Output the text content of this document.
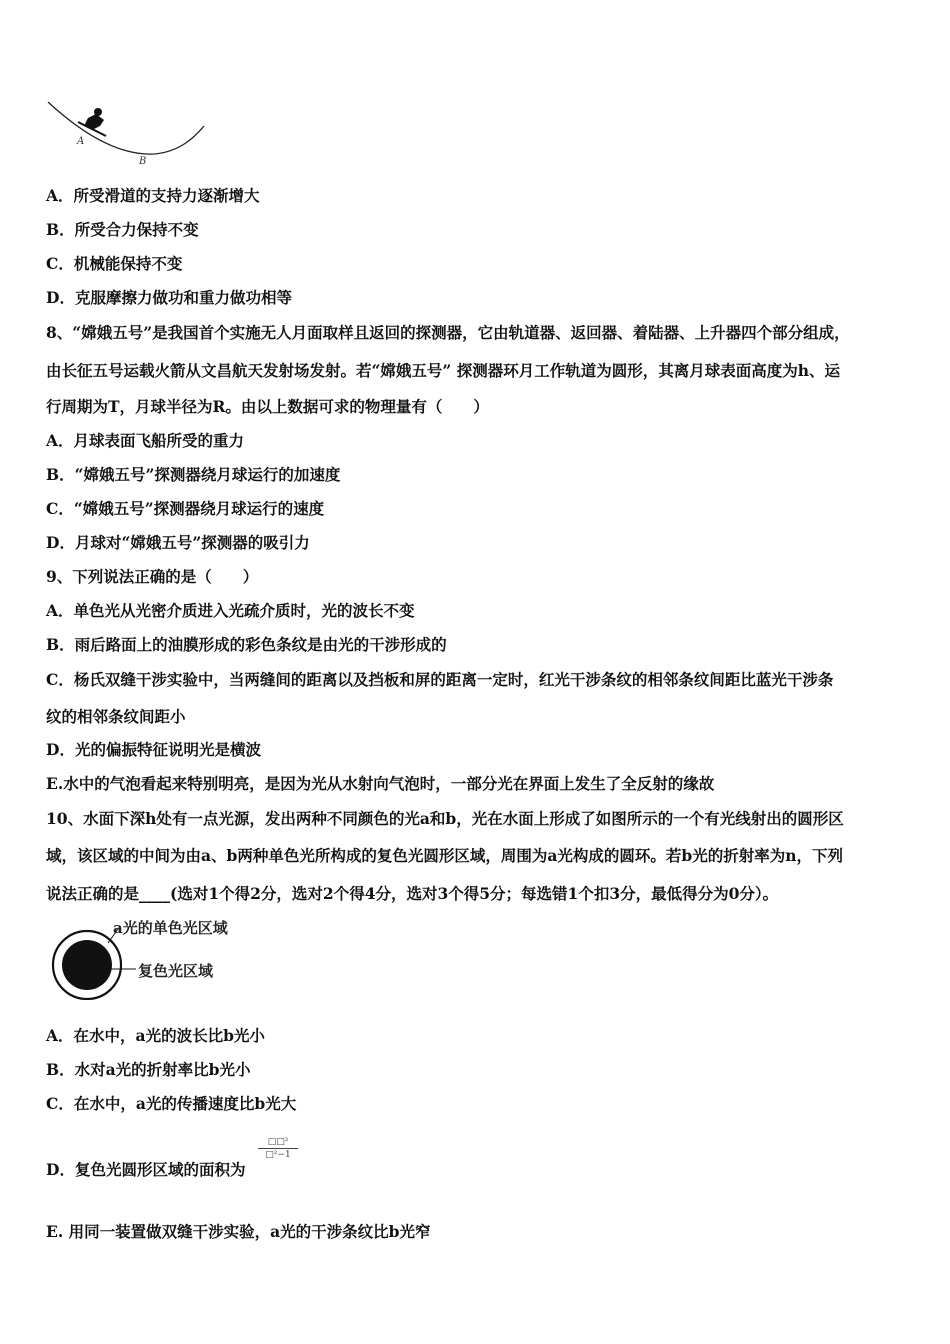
A
B
A．所受滑道的支持力逐渐增大
B．所受合力保持不变
C．机械能保持不变
D．克服摩擦力做功和重力做功相等
8、“嫦娥五号”是我国首个实施无人月面取样且返回的探测器，它由轨道器、返回器、着陆器、上升器四个部分组成，
由长征五号运载火箭从文昌航天发射场发射。若“嫦娥五号” 探测器环月工作轨道为圆形，其离月球表面高度为h、运
行周期为T，月球半径为R。由以上数据可求的物理量有（　　）
A．月球表面飞船所受的重力
B．“嫦娥五号”探测器绕月球运行的加速度
C．“嫦娥五号”探测器绕月球运行的速度
D．月球对“嫦娥五号”探测器的吸引力
9、下列说法正确的是（　　）
A．单色光从光密介质进入光疏介质时，光的波长不变
B．雨后路面上的油膜形成的彩色条纹是由光的干涉形成的
C．杨氏双缝干涉实验中，当两缝间的距离以及挡板和屏的距离一定时，红光干涉条纹的相邻条纹间距比蓝光干涉条
纹的相邻条纹间距小
D．光的偏振特征说明光是横波
E.水中的气泡看起来特别明亮，是因为光从水射向气泡时，一部分光在界面上发生了全反射的缘故
10、水面下深h处有一点光源，发出两种不同颜色的光a和b，光在水面上形成了如图所示的一个有光线射出的圆形区
域，该区域的中间为由a、b两种单色光所构成的复色光圆形区域，周围为a光构成的圆环。若b光的折射率为n，下列
说法正确的是____(选对1个得2分，选对2个得4分，选对3个得5分；每选错1个扣3分，最低得分为0分）。
a光的单色光区域
复色光区域
A．在水中，a光的波长比b光小
B．水对a光的折射率比b光小
C．在水中，a光的传播速度比b光大
□□²
□²−1
D．复色光圆形区域的面积为
E. 用同一装置做双缝干涉实验，a光的干涉条纹比b光窄
